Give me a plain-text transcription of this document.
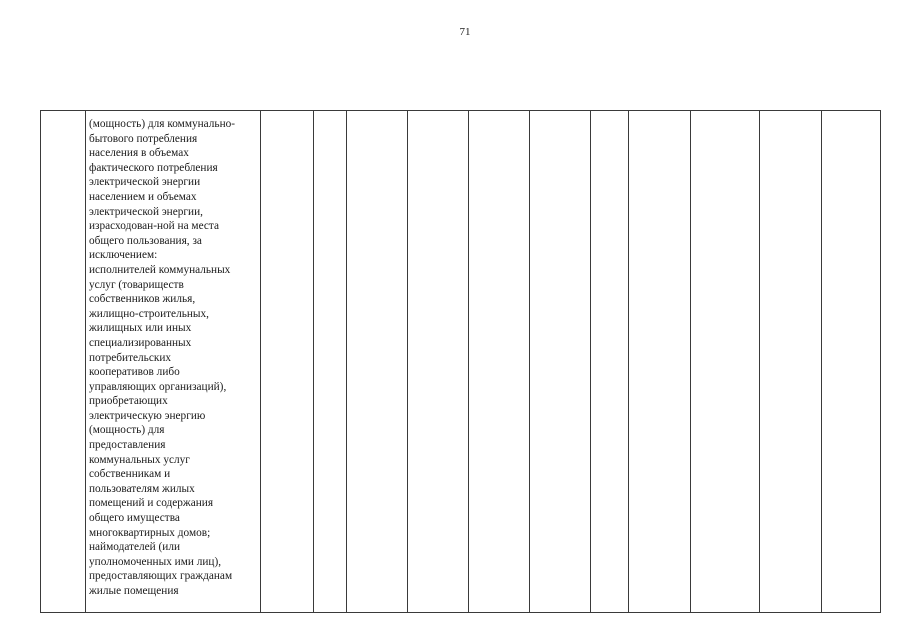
71

(мощность) для коммунально-
бытового потребления
населения в объемах
фактического потребления
электрической энергии
населением и объемах
электрической энергии,
израсходован-ной на места
общего пользования, за
исключением:
исполнителей коммунальных
услуг (товариществ
собственников жилья,
жилищно-строительных,
жилищных или иных
специализированных
потребительских
кооперативов либо
управляющих организаций),
приобретающих
электрическую энергию
(мощность) для
предоставления
коммунальных услуг
собственникам и
пользователям жилых
помещений и содержания
общего имущества
многоквартирных домов;
наймодателей (или
уполномоченных ими лиц),
предоставляющих гражданам
жилые помещения
